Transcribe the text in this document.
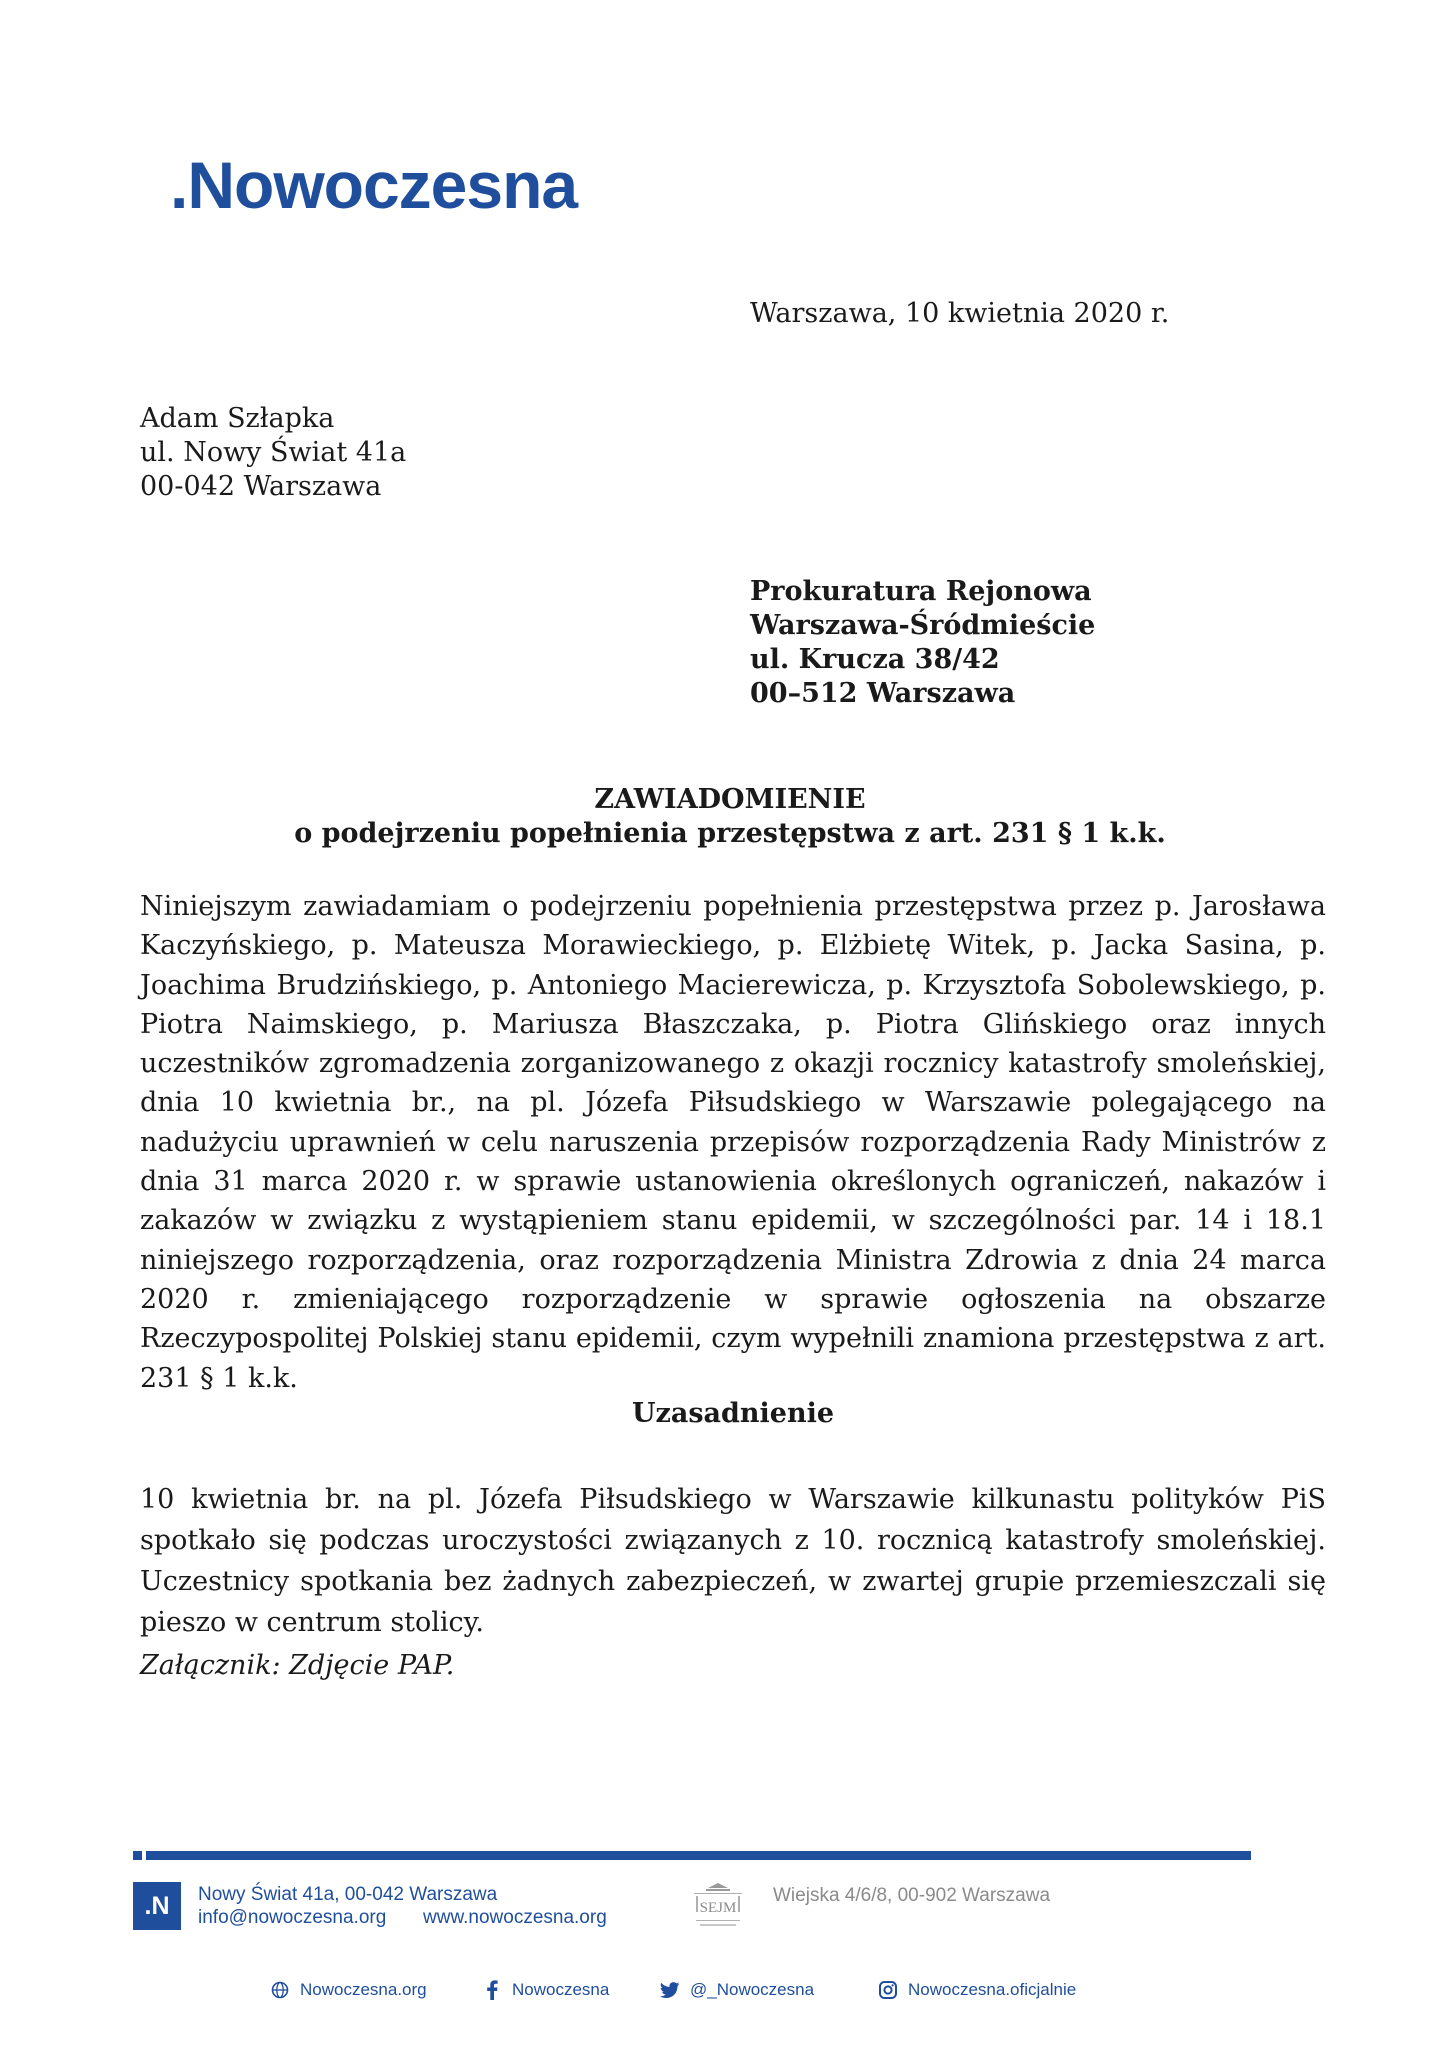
.Nowoczesna
Warszawa, 10 kwietnia 2020 r.
Adam Szłapka
ul. Nowy Świat 41a
00-042 Warszawa
Prokuratura Rejonowa
Warszawa-Śródmieście
ul. Krucza 38/42
00–512 Warszawa
ZAWIADOMIENIE
o podejrzeniu popełnienia przestępstwa z art. 231 § 1 k.k.

Niniejszym zawiadamiam o podejrzeniu popełnienia przestępstwa przez p. Jarosława Kaczyńskiego, p. Mateusza Morawieckiego, p. Elżbietę Witek, p. Jacka Sasina, p. Joachima Brudzińskiego, p. Antoniego Macierewicza, p. Krzysztofa Sobolewskiego, p. Piotra Naimskiego, p. Mariusza Błaszczaka, p. Piotra Glińskiego oraz innych uczestników zgromadzenia zorganizowanego z okazji rocznicy katastrofy smoleńskiej, dnia 10 kwietnia br., na pl. Józefa Piłsudskiego w Warszawie polegającego na nadużyciu uprawnień w celu naruszenia przepisów rozporządzenia Rady Ministrów z dnia 31 marca 2020 r. w sprawie ustanowienia określonych ograniczeń, nakazów i zakazów w związku z wystąpieniem stanu epidemii, w szczególności par. 14 i 18.1 niniejszego rozporządzenia, oraz rozporządzenia Ministra Zdrowia z dnia 24 marca 2020 r. zmieniającego rozporządzenie w sprawie ogłoszenia na obszarze Rzeczypospolitej Polskiej stanu epidemii, czym wypełnili znamiona przestępstwa z art. 231 § 1 k.k.

Uzasadnienie

10 kwietnia br. na pl. Józefa Piłsudskiego w Warszawie kilkunastu polityków PiS spotkało się podczas uroczystości związanych z 10. rocznicą katastrofy smoleńskiej. Uczestnicy spotkania bez żadnych zabezpieczeń, w zwartej grupie przemieszczali się pieszo w centrum stolicy.

Załącznik: Zdjęcie PAP.
.N	Nowy Świat 41a, 00-042 Warszawa
info@nowoczesna.org www.nowoczesna.org	SEJM
Wiejska 4/6/8, 00-902 Warszawa
Nowoczesna.org	Nowoczesna	@_Nowoczesna	Nowoczesna.oficjalnie
